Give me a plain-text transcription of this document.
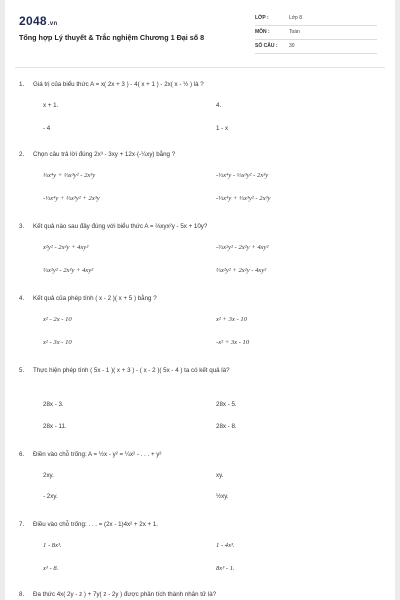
2048.vn
Tổng hợp Lý thuyết & Trắc nghiệm Chương 1 Đại số 8
LỚP :	Lớp 8
MÔN :	Toán
SỐ CÂU : 30
1. Giá trị của biểu thức A = x( 2x + 3 ) - 4( x + 1 ) - 2x( x - ½ ) là ?
x + 1.	4.
- 4	1 - x
2. Chọn câu trả lời đúng 2x³ - 3xy + 12x·(-¼xy) bằng ?
⅓x⁴y + ⅓x³y² - 2x³y	-⅓x⁴y - ⅓x³y² - 2x³y
-⅓x⁴y + ⅓x³y² + 2x³y	-⅓x⁴y + ⅓x³y² - 2x³y
3. Kết quả nào sau đây đúng với biểu thức A = ⅔xyx²y - 5x + 10y?
x²y² - 2x²y + 4xy²	-⅔x²y² - 2x²y + 4xy²
⅔x²y² - 2x²y + 4xy²	⅔x²y² + 2x²y - 4xy²
4. Kết quả của phép tính ( x - 2 )( x + 5 ) bằng ?
x² - 2x - 10	x² + 3x - 10
x² - 3x - 10	-x² + 3x - 10
5. Thực hiện phép tính ( 5x - 1 )( x + 3 ) - ( x - 2 )( 5x - 4 ) ta có kết quả là?
28x - 3.	28x - 5.
28x - 11.	28x - 8.
6. Điền vào chỗ trống: A = ½x - y² = ¼x² - . . . + y²
2xy.	xy.
- 2xy.	½xy.
7. Điều vào chỗ trống: . . . = (2x - 1)4x² + 2x + 1.
1 - 8x³.	1 - 4x³.
x³ - 8.	8x³ - 1.
8. Đa thức 4x( 2y - z ) + 7y( z - 2y ) được phân tích thành nhân tử là?
